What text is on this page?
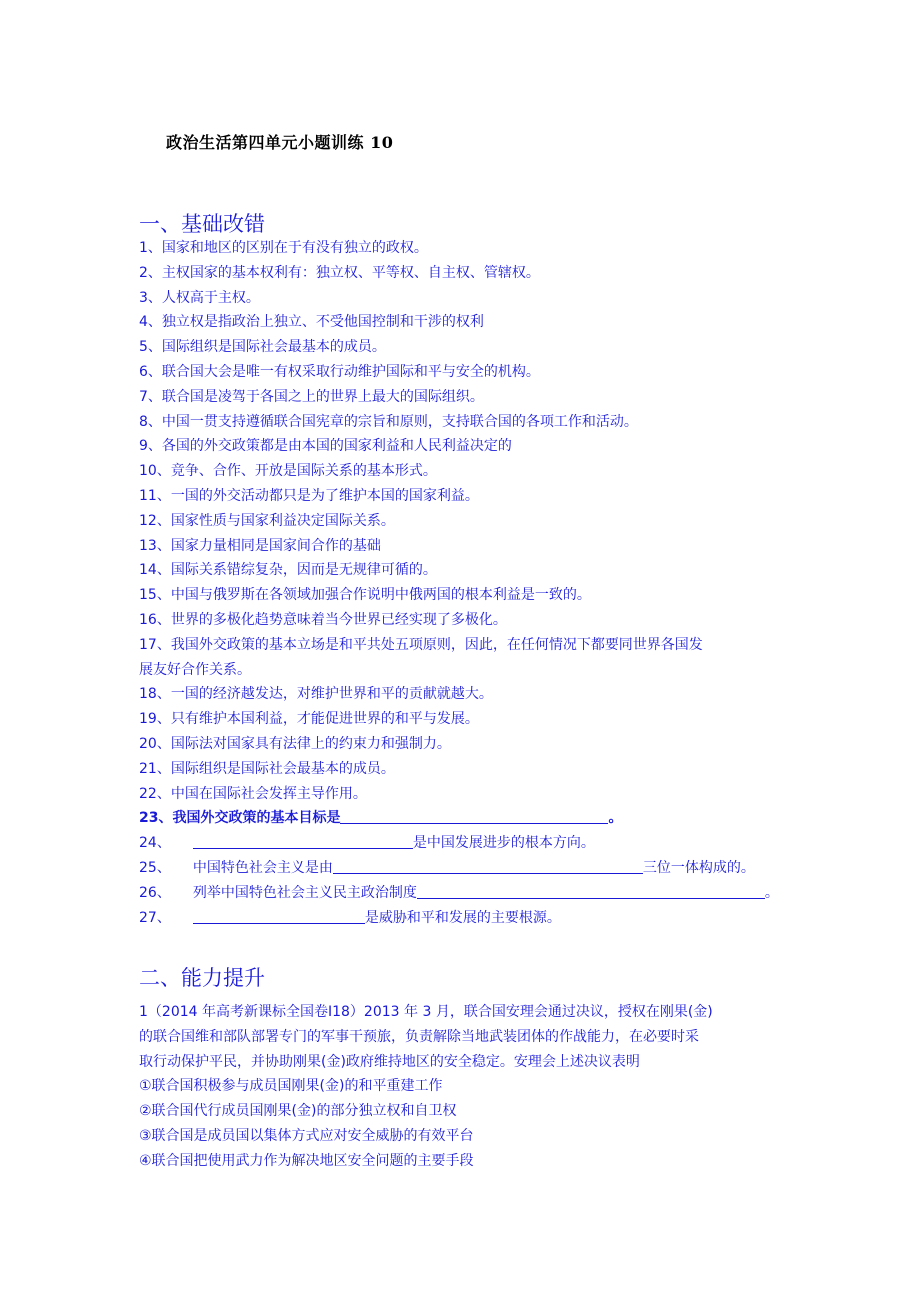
政治生活第四单元小题训练 10
一、基础改错
1、国家和地区的区别在于有没有独立的政权。
2、主权国家的基本权利有：独立权、平等权、自主权、管辖权。
3、人权高于主权。
4、独立权是指政治上独立、不受他国控制和干涉的权利
5、国际组织是国际社会最基本的成员。
6、联合国大会是唯一有权采取行动维护国际和平与安全的机构。
7、联合国是凌驾于各国之上的世界上最大的国际组织。
8、中国一贯支持遵循联合国宪章的宗旨和原则，支持联合国的各项工作和活动。
9、各国的外交政策都是由本国的国家利益和人民利益决定的
10、竞争、合作、开放是国际关系的基本形式。
11、一国的外交活动都只是为了维护本国的国家利益。
12、国家性质与国家利益决定国际关系。
13、国家力量相同是国家间合作的基础
14、国际关系错综复杂，因而是无规律可循的。
15、中国与俄罗斯在各领域加强合作说明中俄两国的根本利益是一致的。
16、世界的多极化趋势意味着当今世界已经实现了多极化。
17、我国外交政策的基本立场是和平共处五项原则，因此，在任何情况下都要同世界各国发
展友好合作关系。
18、一国的经济越发达，对维护世界和平的贡献就越大。
19、只有维护本国利益，才能促进世界的和平与发展。
20、国际法对国家具有法律上的约束力和强制力。
21、国际组织是国际社会最基本的成员。
22、中国在国际社会发挥主导作用。
23、我国外交政策的基本目标是	。
24、	是中国发展进步的根本方向。
25、 中国特色社会主义是由	三位一体构成的。
26、 列举中国特色社会主义民主政治制度	。
27、	是威胁和平和发展的主要根源。
二、能力提升
1（2014 年高考新课标全国卷Ⅰ18）2013 年 3 月，联合国安理会通过决议，授权在刚果(金)
的联合国维和部队部署专门的军事干预旅，负责解除当地武装团体的作战能力，在必要时采
取行动保护平民，并协助刚果(金)政府维持地区的安全稳定。安理会上述决议表明
①联合国积极参与成员国刚果(金)的和平重建工作
②联合国代行成员国刚果(金)的部分独立权和自卫权
③联合国是成员国以集体方式应对安全威胁的有效平台
④联合国把使用武力作为解决地区安全问题的主要手段
